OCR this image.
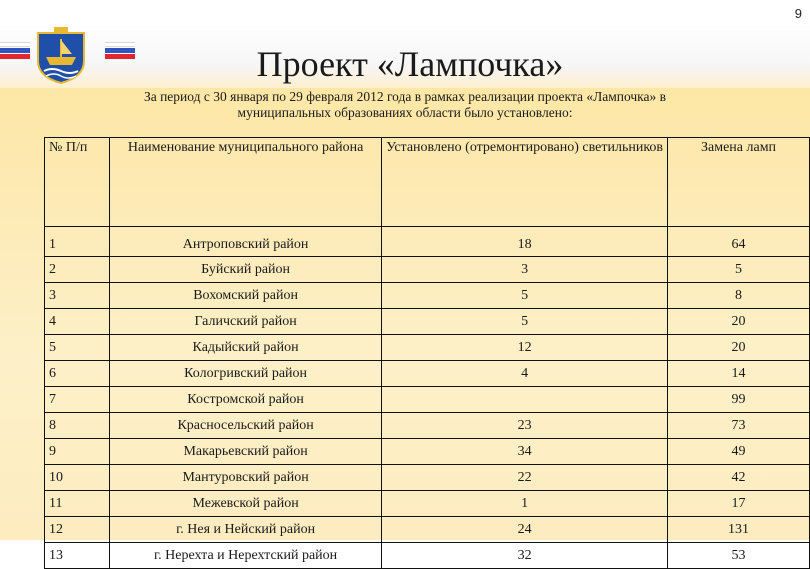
9
Проект «Лампочка»
За период с 30 января по 29 февраля 2012 года в рамках реализации проекта «Лампочка» в
муниципальных образованиях области было установлено:
№ П/п	Наименование муниципального района	Установлено (отремонтировано) светильников	Замена ламп
1	Антроповский район	18	64
2	Буйский район	3	5
3	Вохомский район	5	8
4	Галичский район	5	20
5	Кадыйский район	12	20
6	Кологривский район	4	14
7	Костромской район		99
8	Красносельский район	23	73
9	Макарьевский район	34	49
10	Мантуровский район	22	42
11	Межевской район	1	17
12	г. Нея и Нейский район	24	131
13	г. Нерехта и Нерехтский район	32	53
